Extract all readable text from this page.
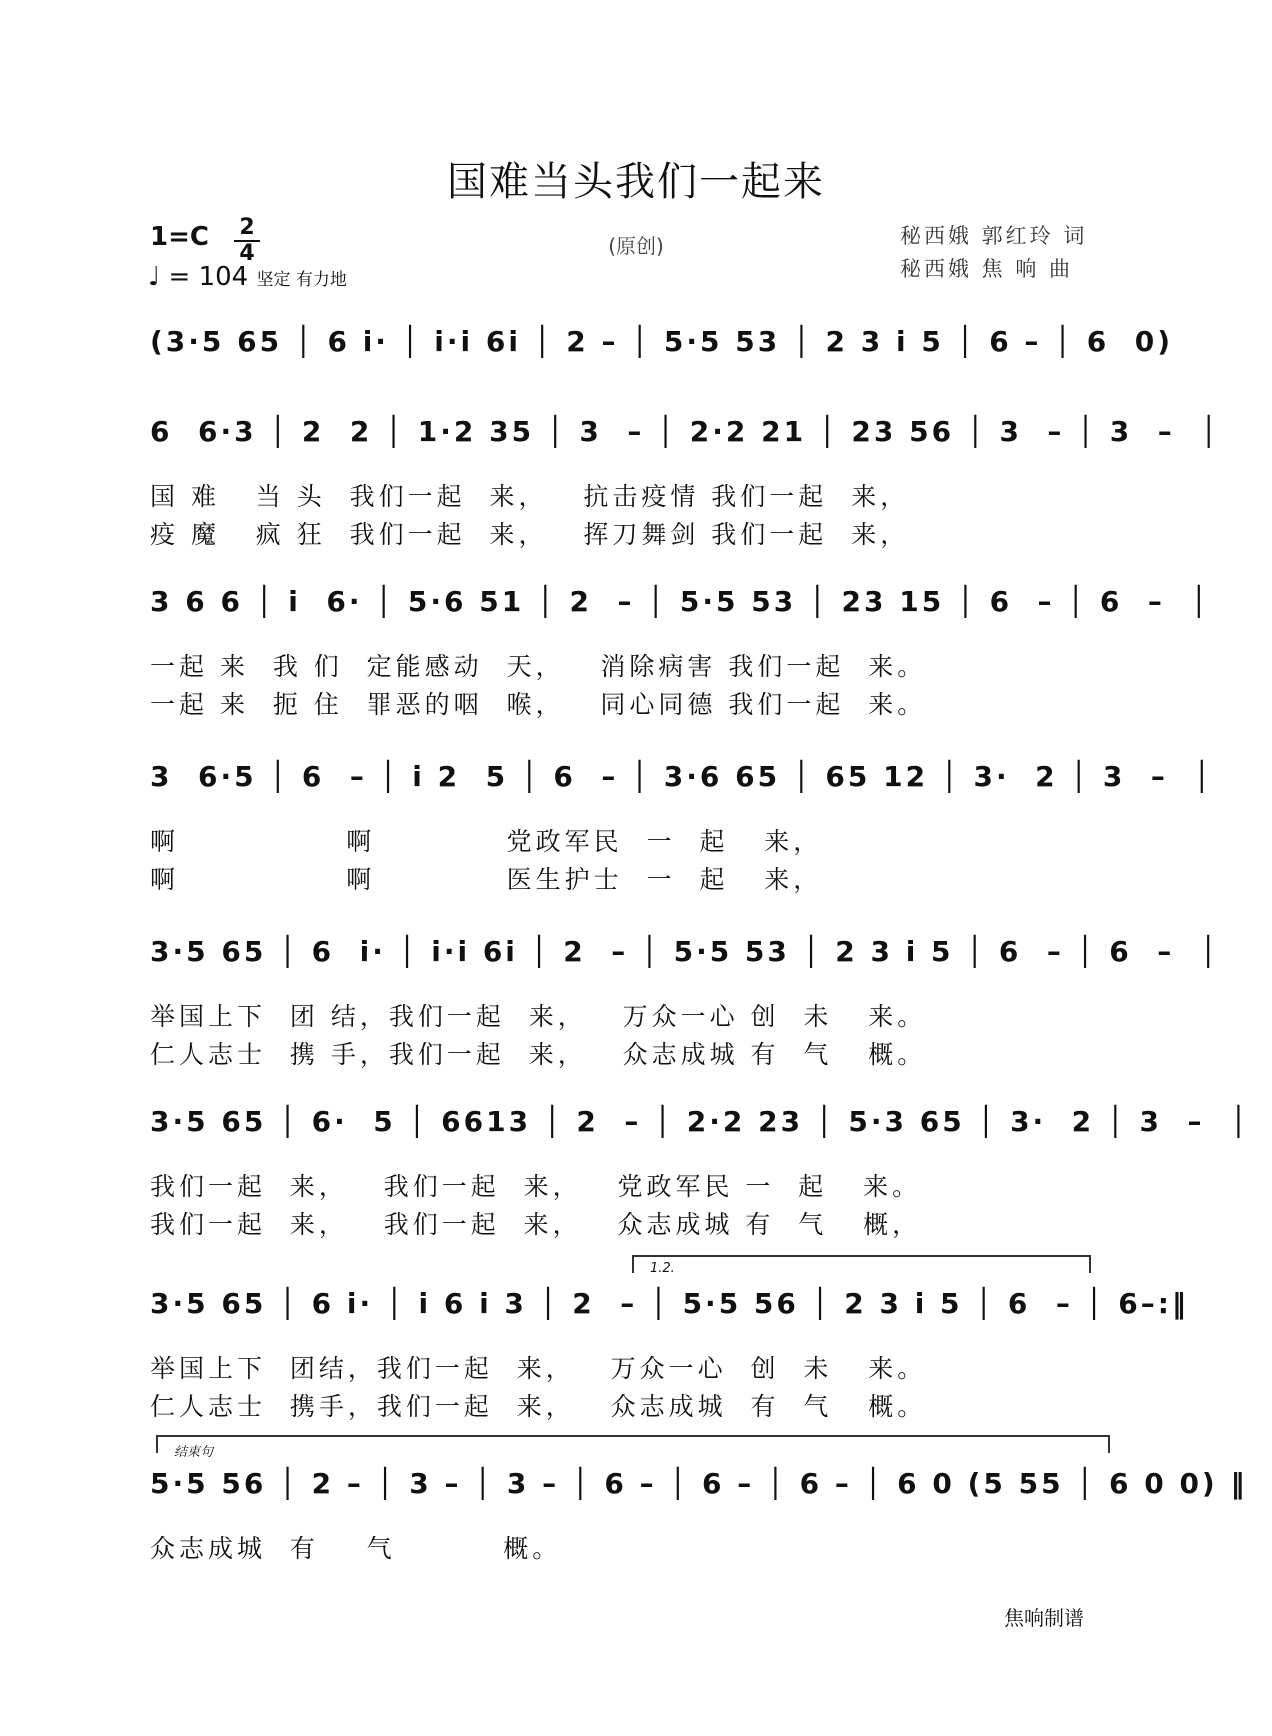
国难当头我们一起来
1=C	2
4
♩ = 104 坚定 有力地
(原创)	秘西娥 郭红玲 词
秘西娥 焦 响 曲
(3·5 65 │ 6 i· │ i·i 6i │ 2 – │ 5·5 53 │ 2 3 i 5 │ 6 – │ 6  0)
6  6·3 │ 2  2 │ 1·2 35 │ 3  – │ 2·2 21 │ 23 56 │ 3  – │ 3  –  │
国 难   当 头  我们一起  来，   抗击疫情 我们一起  来，
疫 魔   疯 狂  我们一起  来，   挥刀舞剑 我们一起  来，
3 6 6 │ i  6· │ 5·6 51 │ 2  – │ 5·5 53 │ 23 15 │ 6  – │ 6  –  │
一起 来  我 们  定能感动  天，   消除病害 我们一起  来。
一起 来  扼 住  罪恶的咽  喉，   同心同德 我们一起  来。
3  6·5 │ 6  – │ i 2  5 │ 6  – │ 3·6 65 │ 65 12 │ 3·  2 │ 3  –  │
啊              啊           党政军民  一  起   来，
啊              啊           医生护士  一  起   来，
3·5 65 │ 6  i· │ i·i 6i │ 2  – │ 5·5 53 │ 2 3 i 5 │ 6  – │ 6  –  │
举国上下  团 结，我们一起  来，   万众一心 创  未   来。
仁人志士  携 手，我们一起  来，   众志成城 有  气   概。
3·5 65 │ 6·  5 │ 6613 │ 2  – │ 2·2 23 │ 5·3 65 │ 3·  2 │ 3  –  │
我们一起  来，   我们一起  来，   党政军民 一  起   来。
我们一起  来，   我们一起  来，   众志成城 有  气   概，
1.2.
3·5 65 │ 6 i· │ i 6 i 3 │ 2  – │ 5·5 56 │ 2 3 i 5 │ 6  – │ 6–:‖
举国上下  团结，我们一起  来，   万众一心  创  未   来。
仁人志士  携手，我们一起  来，   众志成城  有  气   概。
结束句
5·5 56 │ 2 – │ 3 – │ 3 – │ 6 – │ 6 – │ 6 – │ 6 0 (5 55 │ 6 0 0) ‖
众志成城  有    气         概。
焦响制谱
